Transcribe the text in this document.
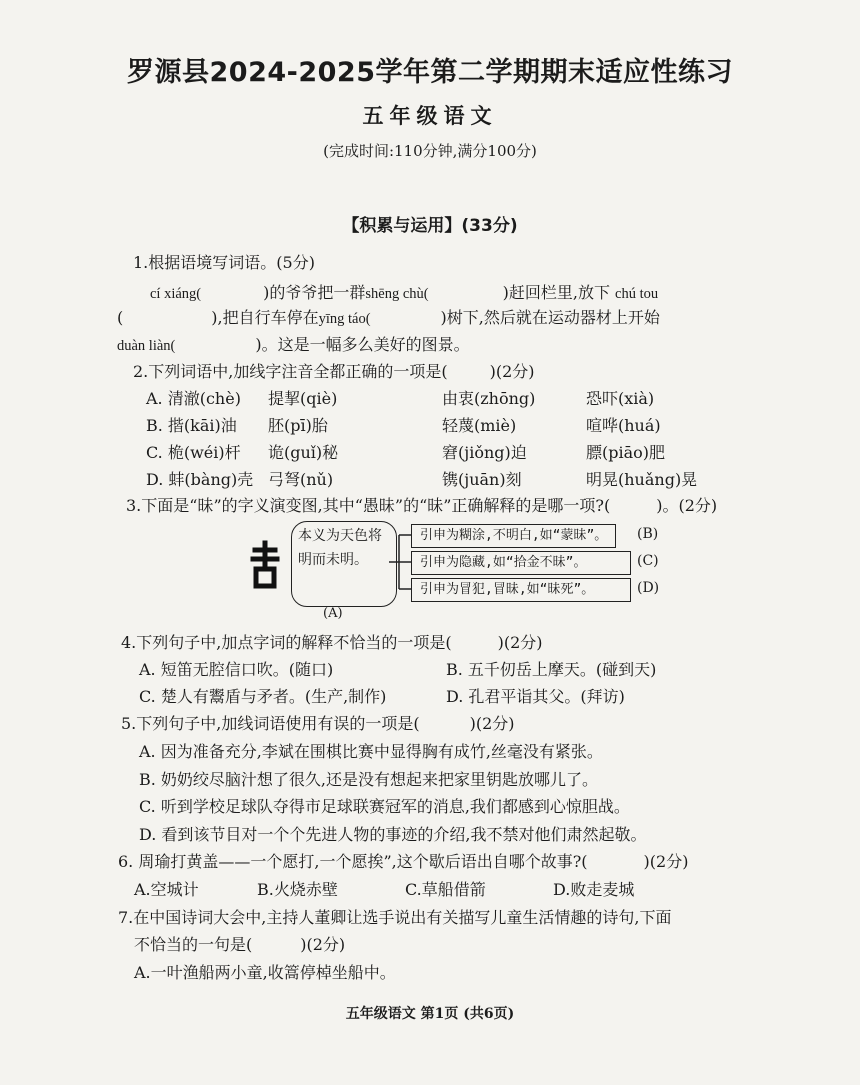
罗源县2024-2025学年第二学期期末适应性练习
五年级语文
(完成时间:110分钟,满分100分)
【积累与运用】(33分)
1.根据语境写词语。(5分)
cí xiáng(	)的爷爷把一群shēng chù(	)赶回栏里,放下 chú tou
(	),把自行车停在yīng táo(	)树下,然后就在运动器材上开始
duàn liàn(	)。这是一幅多么美好的图景。
2.下列词语中,加线字注音全都正确的一项是(	)(2分)
A. 清澈(chè) 提挈(qiè)	由衷(zhōng)	恐吓(xià)
B. 揩(kāi)油 胚(pī)胎	轻蔑(miè)	喧哗(huá)
C. 桅(wéi)杆 诡(guǐ)秘	窘(jiǒng)迫	膘(piāo)肥
D. 蚌(bàng)壳 弓弩(nǔ)	镌(juān)刻	明晃(huǎng)晃
3.下面是“昧”的字义演变图,其中“愚昧”的“昧”正确解释的是哪一项?(	)。(2分)
本义为天色将明而未明。
(A)
引申为糊涂,不明白,如“蒙昧”。	(B)
引申为隐藏,如“拾金不昧”。	(C)
引申为冒犯,冒昧,如“昧死”。	(D)
4.下列句子中,加点字词的解释不恰当的一项是(	)(2分)
A. 短笛无腔信口吹。(随口)	B. 五千仞岳上摩天。(碰到天)
C. 楚人有鬻盾与矛者。(生产,制作)	D. 孔君平诣其父。(拜访)
5.下列句子中,加线词语使用有误的一项是(	)(2分)
A. 因为准备充分,李斌在围棋比赛中显得胸有成竹,丝毫没有紧张。
B. 奶奶绞尽脑汁想了很久,还是没有想起来把家里钥匙放哪儿了。
C. 听到学校足球队夺得市足球联赛冠军的消息,我们都感到心惊胆战。
D. 看到该节目对一个个先进人物的事迹的介绍,我不禁对他们肃然起敬。
6. 周瑜打黄盖——一个愿打,一个愿挨”,这个歇后语出自哪个故事?(	)(2分)
A.空城计	B.火烧赤壁	C.草船借箭	D.败走麦城
7.在中国诗词大会中,主持人董卿让选手说出有关描写儿童生活情趣的诗句,下面
不恰当的一句是(	)(2分)
A.一叶渔船两小童,收篙停棹坐船中。
五年级语文 第1页 (共6页)
